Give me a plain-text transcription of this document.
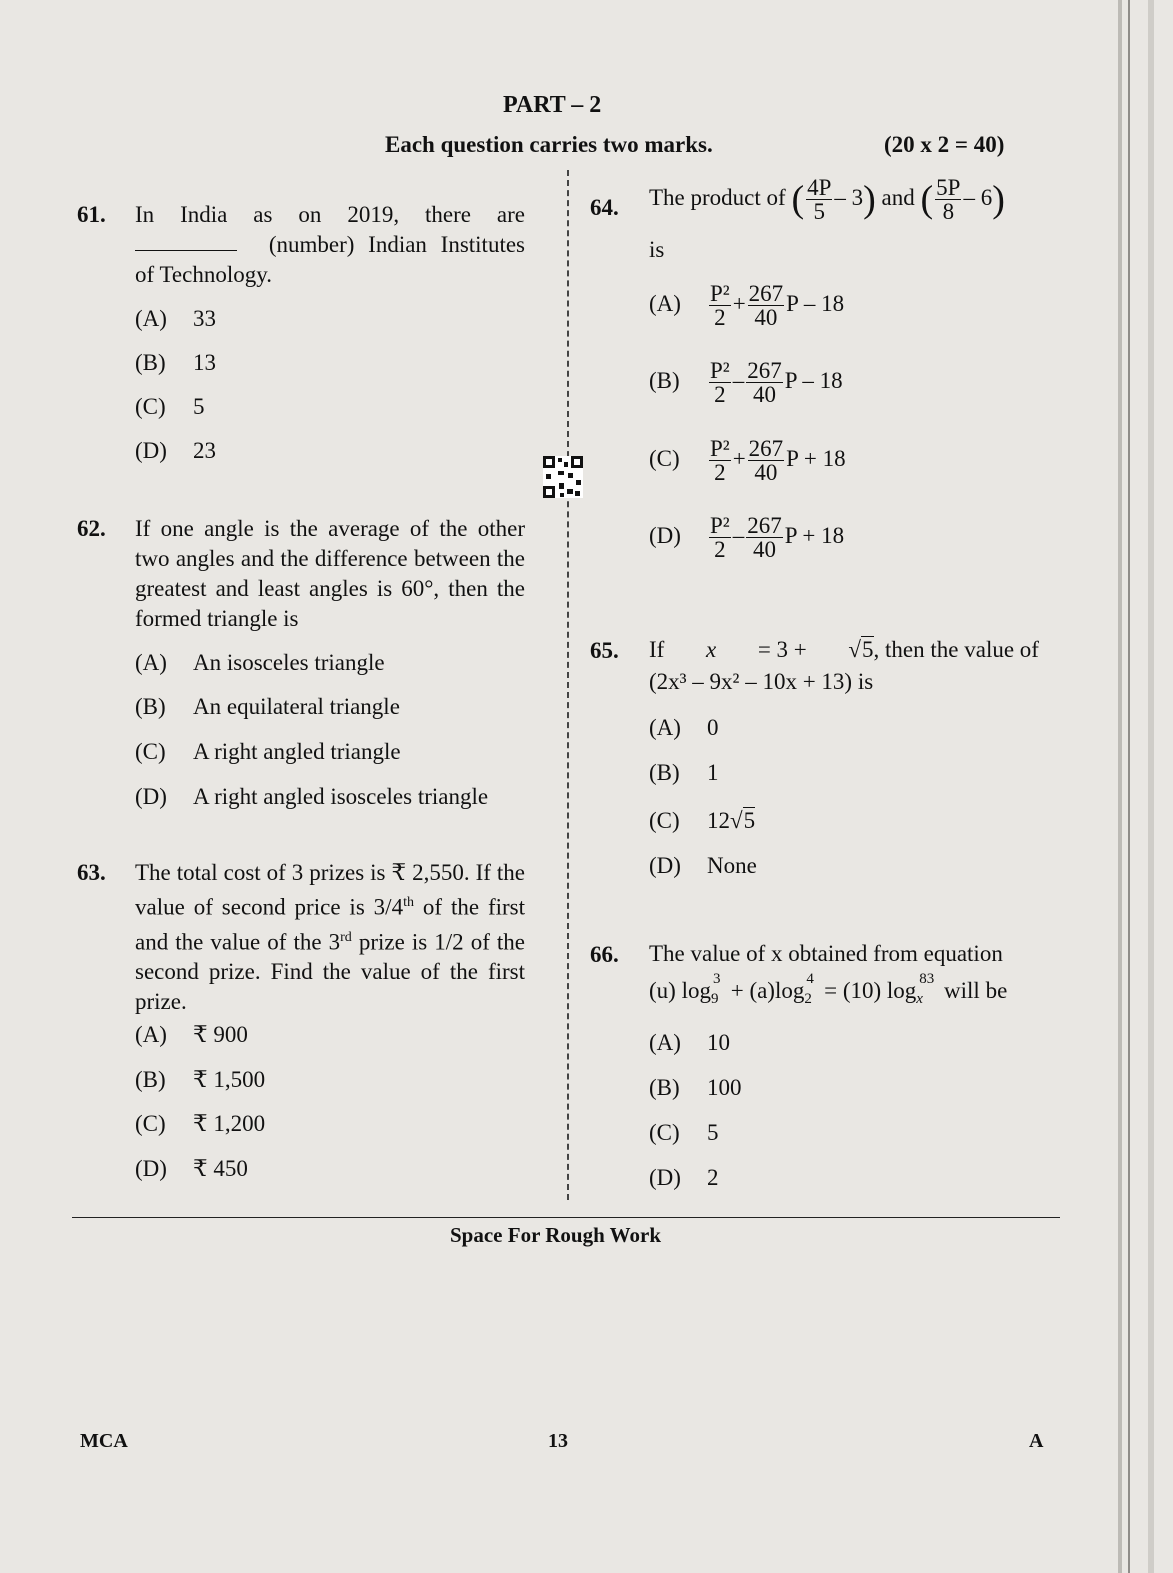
PART – 2
Each question carries two marks.	(20 x 2 = 40)
61. In India as on 2019, there are
(number) Indian Institutes
of Technology.
(A) 33
(B) 13
(C) 5
(D) 23
62. If one angle is the average of the other two angles and the difference between the greatest and least angles is 60°, then the formed triangle is
(A) An isosceles triangle
(B) An equilateral triangle
(C) A right angled triangle
(D) A right angled isosceles triangle
63. The total cost of 3 prizes is ₹ 2,550. If the value of second price is 3/4th of the first and the value of the 3rd prize is 1/2 of the second prize. Find the value of the first prize.
(A) ₹ 900
(B) ₹ 1,500
(C) ₹ 1,200
(D) ₹ 450
64. The product of ( $\frac{4P}{5} - 3$) and ( $\frac{5P}{8} - 6$)
is
$(A) \frac{\text{P²}}{2} + \frac{267}{40}$ P – 18
$(B) \frac{\text{P²}}{2} - \frac{267}{40}$ P – 18
$(C) \frac{\text{P²}}{2} + \frac{267}{40}$ P + 18
$(D) \frac{\text{P²}}{2} - \frac{267}{40}$ P + 18
65. If x = 3 + √5, then the value of
(2x³ – 9x² – 10x + 13) is
(A) 0
(B) 1
(C) 12√5
(D) None
66. The value of x obtained from equation
(u) log 3
9 + (a)log 4
2 = (10) log 83
x will be
(A) 10
(B) 100
(C) 5
(D) 2
Space For Rough Work
MCA	13	A
